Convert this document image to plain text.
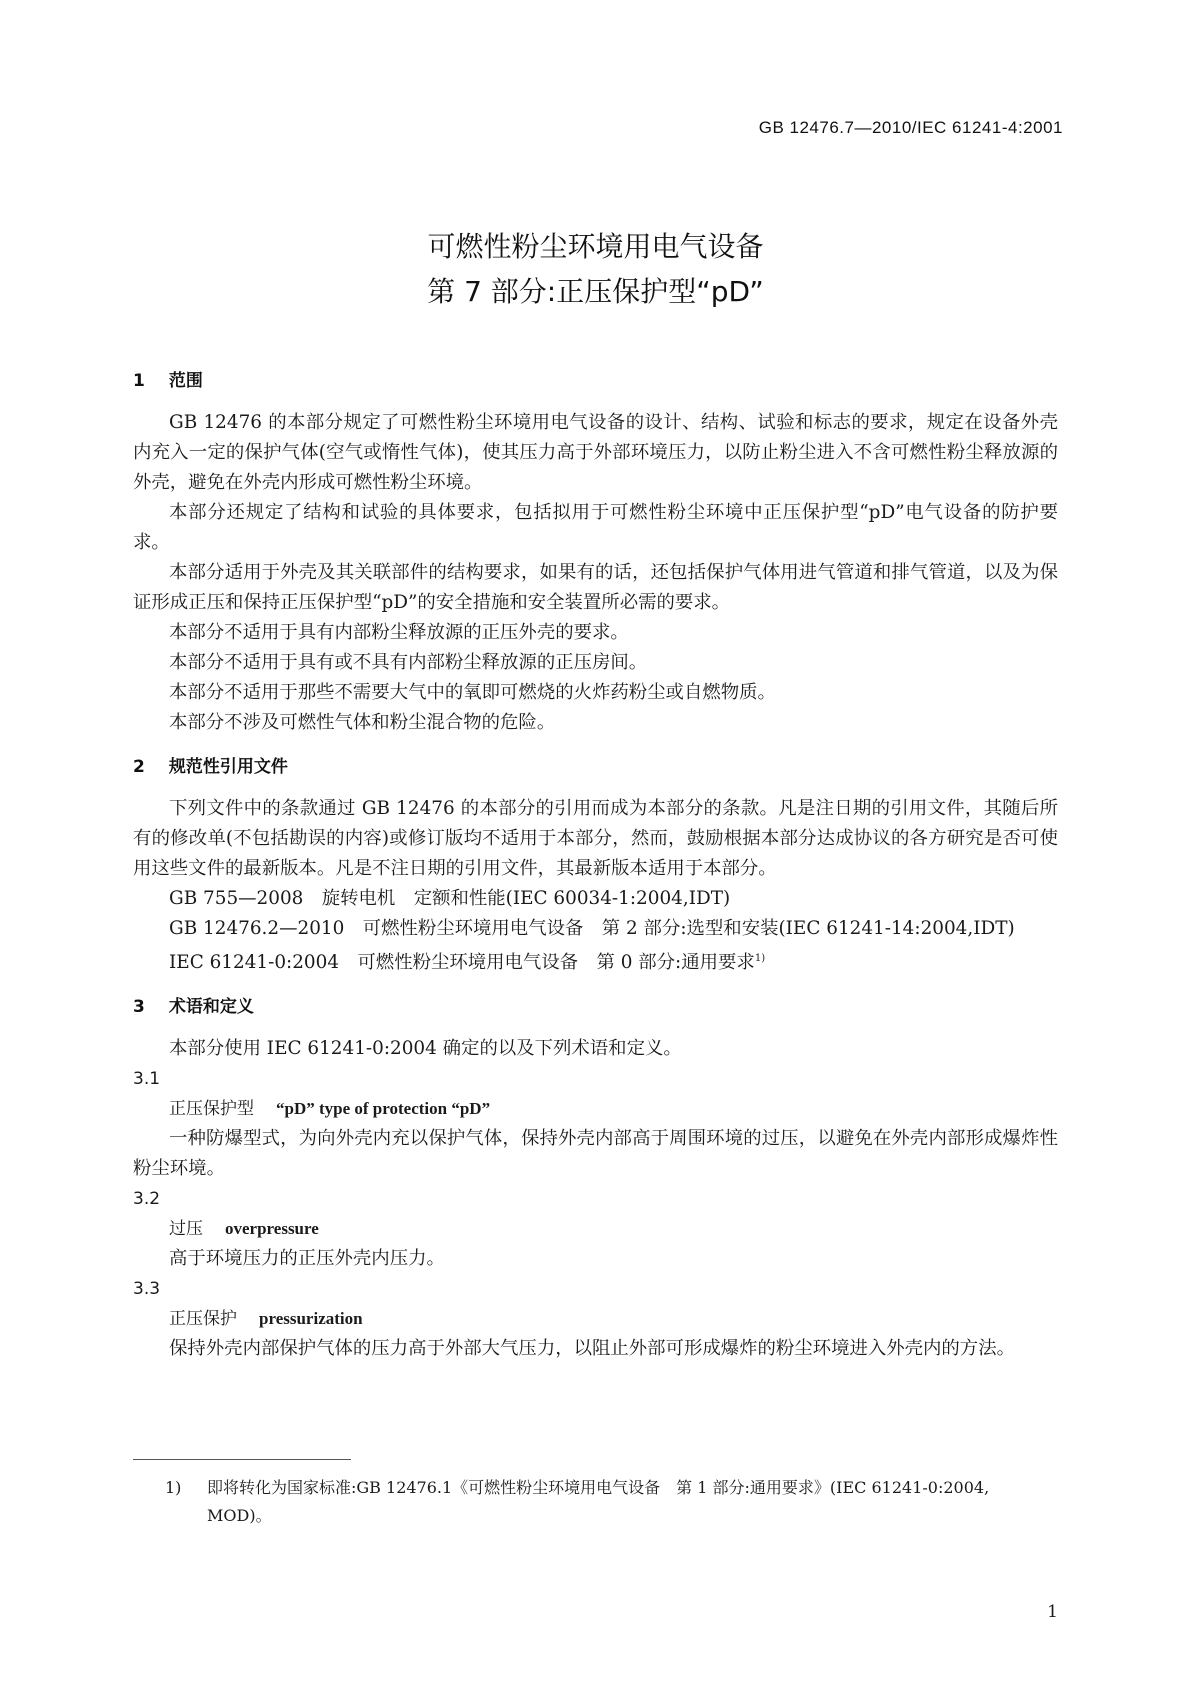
GB 12476.7—2010/IEC 61241-4:2001
可燃性粉尘环境用电气设备
第 7 部分:正压保护型“pD”
1 范围

GB 12476 的本部分规定了可燃性粉尘环境用电气设备的设计、结构、试验和标志的要求，规定在设备外壳内充入一定的保护气体(空气或惰性气体)，使其压力高于外部环境压力，以防止粉尘进入不含可燃性粉尘释放源的外壳，避免在外壳内形成可燃性粉尘环境。

本部分还规定了结构和试验的具体要求，包括拟用于可燃性粉尘环境中正压保护型“pD”电气设备的防护要求。

本部分适用于外壳及其关联部件的结构要求，如果有的话，还包括保护气体用进气管道和排气管道，以及为保证形成正压和保持正压保护型“pD”的安全措施和安全装置所必需的要求。

本部分不适用于具有内部粉尘释放源的正压外壳的要求。

本部分不适用于具有或不具有内部粉尘释放源的正压房间。

本部分不适用于那些不需要大气中的氧即可燃烧的火炸药粉尘或自燃物质。

本部分不涉及可燃性气体和粉尘混合物的危险。

2 规范性引用文件

下列文件中的条款通过 GB 12476 的本部分的引用而成为本部分的条款。凡是注日期的引用文件，其随后所有的修改单(不包括勘误的内容)或修订版均不适用于本部分，然而，鼓励根据本部分达成协议的各方研究是否可使用这些文件的最新版本。凡是不注日期的引用文件，其最新版本适用于本部分。

GB 755—2008　旋转电机　定额和性能(IEC 60034-1:2004,IDT)

GB 12476.2—2010　可燃性粉尘环境用电气设备　第 2 部分:选型和安装(IEC 61241-14:2004,IDT)

IEC 61241-0:2004　可燃性粉尘环境用电气设备　第 0 部分:通用要求$^{1)}$

3 术语和定义

本部分使用 IEC 61241-0:2004 确定的以及下列术语和定义。

3.1

正压保护型 “pD” type of protection “pD”

一种防爆型式，为向外壳内充以保护气体，保持外壳内部高于周围环境的过压，以避免在外壳内部形成爆炸性粉尘环境。

3.2

过压 overpressure

高于环境压力的正压外壳内压力。

3.3

正压保护 pressurization

保持外壳内部保护气体的压力高于外部大气压力，以阻止外部可形成爆炸的粉尘环境进入外壳内的方法。

1)	即将转化为国家标准:GB 12476.1《可燃性粉尘环境用电气设备　第 1 部分:通用要求》(IEC 61241-0:2004,

MOD)。

1
